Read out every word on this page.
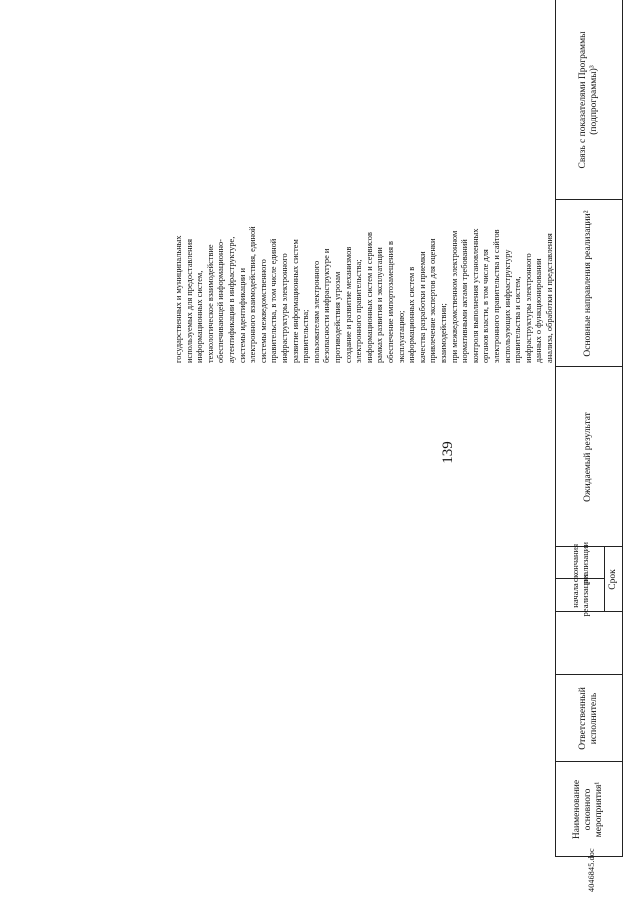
139
Наименование основного мероприятия¹
Ответственный исполнитель
Срок
начала реализации
окончания реализации
Ожидаемый результат
Основные направления реализации²
Связь с показателями Программы (подпрограммы)³
анализа, обработки и представления
данных о функционировании
инфраструктуры электронного
правительства и систем,
использующих инфраструктуру
электронного правительства и сайтов
органов власти, в том числе для
контроля выполнения установленных
нормативными актами требований
при межведомственном электронном
взаимодействии;
привлечение экспертов для оценки
качества разработки и приемки
информационных систем в
эксплуатацию;
обеспечение импортозамещения в
рамках развития и эксплуатации
информационных систем и сервисов
электронного правительства;
создание и развитие механизмов
противодействия угрозам
безопасности инфраструктуре и
пользователям электронного
правительства;
развитие информационных систем
инфраструктуры электронного
правительства, в том числе единой
системы межведомственного
электронного взаимодействия, единой
системы идентификации и
аутентификации в инфраструктуре,
обеспечивающей информационно-
технологическое взаимодействие
информационных систем,
используемых для предоставления
государственных и муниципальных
4046845.doc
